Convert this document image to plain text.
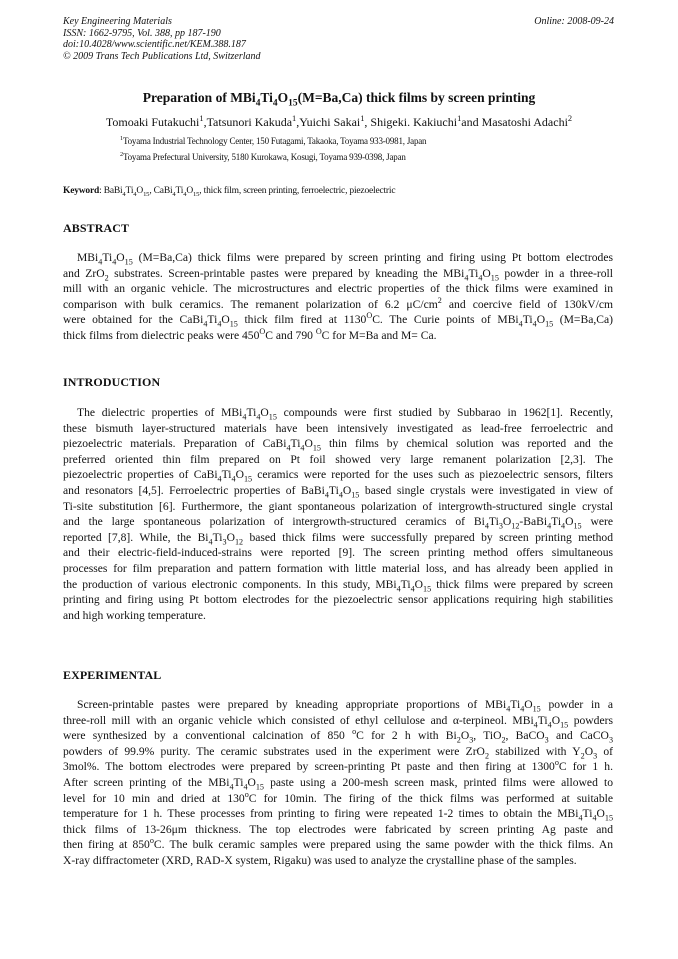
Key Engineering Materials
ISSN: 1662-9795, Vol. 388, pp 187-190
doi:10.4028/www.scientific.net/KEM.388.187
© 2009 Trans Tech Publications Ltd, Switzerland
Online: 2008-09-24
Preparation of $MBi_4Ti_4O_{15}(M=Ba,Ca)$ thick films by screen printing
Tomoaki Futakuchi$^1$,Tatsunori Kakuda$^1$,Yuichi Sakai$^1$, Shigeki. Kakiuchi$^1$and Masatoshi Adachi$^2$
$^1$Toyama Industrial Technology Center, 150 Futagami, Takaoka, Toyama 933-0981, Japan
$^2$Toyama Prefectural University, 5180 Kurokawa, Kosugi, Toyama 939-0398, Japan
Keyword: $BaBi_4Ti_4O_{15}$, $CaBi_4Ti_4O_{15}$, thick film, screen printing, ferroelectric, piezoelectric
ABSTRACT
$MBi_4Ti_4O_{15}$ (M=Ba,Ca) thick films were prepared by screen printing and firing using Pt bottom electrodes
and ZrO$_2$ substrates. Screen-printable pastes were prepared by kneading the $MBi_4Ti_4O_{15}$ powder in a three-roll
mill with an organic vehicle. The microstructures and electric properties of the thick films were examined in
comparison with bulk ceramics. The remanent polarization of 6.2 $\mu C/cm^2$ and coercive field of 130kV/cm
were obtained for the $CaBi_4Ti_4O_{15}$ thick film fired at $1130^OC$. The Curie points of $MBi_4Ti_4O_{15}$ (M=Ba,Ca)
thick films from dielectric peaks were $450^OC$ and 790 $^O$C for M=Ba and M= Ca.
INTRODUCTION
The dielectric properties of $MBi_4Ti_4O_{15}$ compounds were first studied by Subbarao in 1962[1]. Recently,
these bismuth layer-structured materials have been intensively investigated as lead-free ferroelectric and
piezoelectric materials. Preparation of $CaBi_4Ti_4O_{15}$ thin films by chemical solution was reported and the
preferred oriented thin film prepared on Pt foil showed very large remanent polarization [2,3]. The
piezoelectric properties of $CaBi_4Ti_4O_{15}$ ceramics were reported for the uses such as piezoelectric sensors, filters
and resonators [4,5]. Ferroelectric properties of $BaBi_4Ti_4O_{15}$ based single crystals were investigated in view of
Ti-site substitution [6]. Furthermore, the giant spontaneous polarization of intergrowth-structured single crystal
and the large spontaneous polarization of intergrowth-structured ceramics of $Bi_4Ti_3O_{12}-BaBi_4Ti_4O_{15}$ were
reported [7,8]. While, the $Bi_4Ti_3O_{12}$ based thick films were successfully prepared by screen printing method
and their electric-field-induced-strains were reported [9]. The screen printing method offers simultaneous
processes for film preparation and pattern formation with little material loss, and has already been applied in
the production of various electronic components. In this study, $MBi_4Ti_4O_{15}$ thick films were prepared by screen
printing and firing using Pt bottom electrodes for the piezoelectric sensor applications requiring high stabilities
and high working temperature.
EXPERIMENTAL
Screen-printable pastes were prepared by kneading appropriate proportions of $MBi_4Ti_4O_{15}$ powder in a
three-roll mill with an organic vehicle which consisted of ethyl cellulose and α-terpineol. $MBi_4Ti_4O_{15}$ powders
were synthesized by a conventional calcination of 850 $^o$C for 2 h with $Bi_2O_3$, TiO$_2$, BaCO$_3$ and CaCO$_3$
powders of 99.9% purity. The ceramic substrates used in the experiment were ZrO$_2$ stabilized with $Y_2O_3$ of
3mol%. The bottom electrodes were prepared by screen-printing Pt paste and then firing at 1300$^o$C for 1 h.
After screen printing of the $MBi_4Ti_4O_{15}$ paste using a 200-mesh screen mask, printed films were allowed to
level for 10 min and dried at 130$^o$C for 10min. The firing of the thick films was performed at suitable
temperature for 1 h. These processes from printing to firing were repeated 1-2 times to obtain the $MBi_4Ti_4O_{15}$
thick films of 13-26μm thickness. The top electrodes were fabricated by screen printing Ag paste and
then firing at 850$^o$C. The bulk ceramic samples were prepared using the same powder with the thick films. An
X-ray diffractometer (XRD, RAD-X system, Rigaku) was used to analyze the crystalline phase of the samples.
